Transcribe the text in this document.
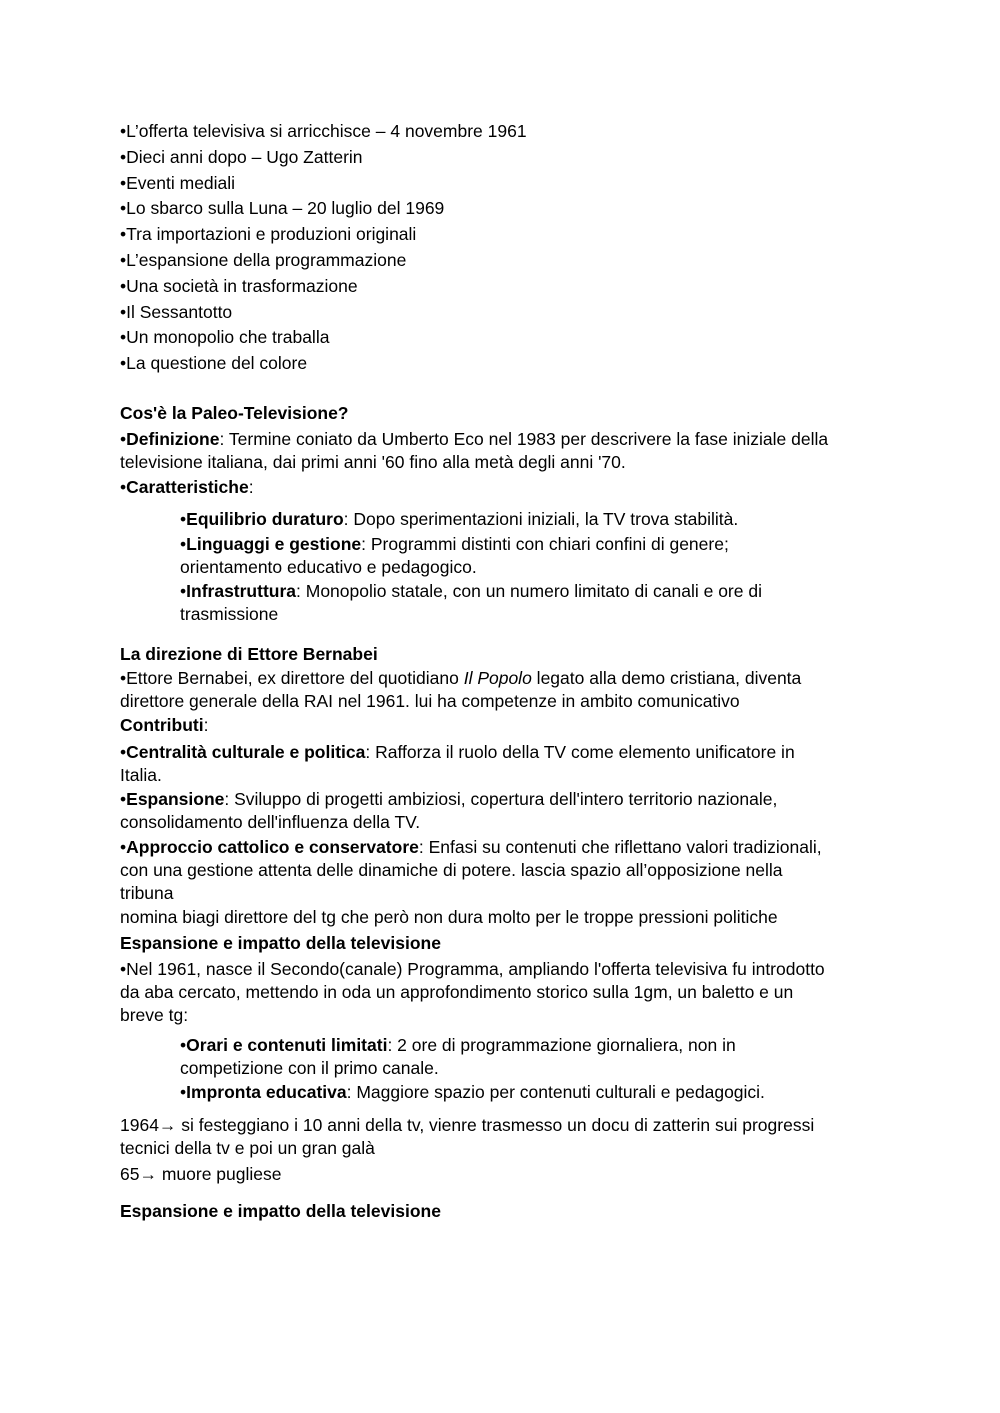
•L’offerta televisiva si arricchisce – 4 novembre 1961
•Dieci anni dopo – Ugo Zatterin
•Eventi mediali
•Lo sbarco sulla Luna – 20 luglio del 1969
•Tra importazioni e produzioni originali
•L’espansione della programmazione
•Una società in trasformazione
•Il Sessantotto
•Un monopolio che traballa
•La questione del colore
Cos'è la Paleo-Televisione?
•Definizione: Termine coniato da Umberto Eco nel 1983 per descrivere la fase iniziale della
televisione italiana, dai primi anni '60 fino alla metà degli anni '70.
•Caratteristiche:
•Equilibrio duraturo: Dopo sperimentazioni iniziali, la TV trova stabilità.
•Linguaggi e gestione: Programmi distinti con chiari confini di genere;
orientamento educativo e pedagogico.
•Infrastruttura: Monopolio statale, con un numero limitato di canali e ore di
trasmissione
La direzione di Ettore Bernabei
•Ettore Bernabei, ex direttore del quotidiano Il Popolo legato alla demo cristiana, diventa
direttore generale della RAI nel 1961. lui ha competenze in ambito comunicativo
Contributi:
•Centralità culturale e politica: Rafforza il ruolo della TV come elemento unificatore in
Italia.
•Espansione: Sviluppo di progetti ambiziosi, copertura dell'intero territorio nazionale,
consolidamento dell'influenza della TV.
•Approccio cattolico e conservatore: Enfasi su contenuti che riflettano valori tradizionali,
con una gestione attenta delle dinamiche di potere. lascia spazio all’opposizione nella
tribuna
nomina biagi direttore del tg che però non dura molto per le troppe pressioni politiche
Espansione e impatto della televisione
•Nel 1961, nasce il Secondo(canale) Programma, ampliando l'offerta televisiva fu introdotto
da aba cercato, mettendo in oda un approfondimento storico sulla 1gm, un baletto e un
breve tg:
•Orari e contenuti limitati: 2 ore di programmazione giornaliera, non in
competizione con il primo canale.
•Impronta educativa: Maggiore spazio per contenuti culturali e pedagogici.
1964→ si festeggiano i 10 anni della tv, vienre trasmesso un docu di zatterin sui progressi
tecnici della tv e poi un gran galà
65→ muore pugliese
Espansione e impatto della televisione
